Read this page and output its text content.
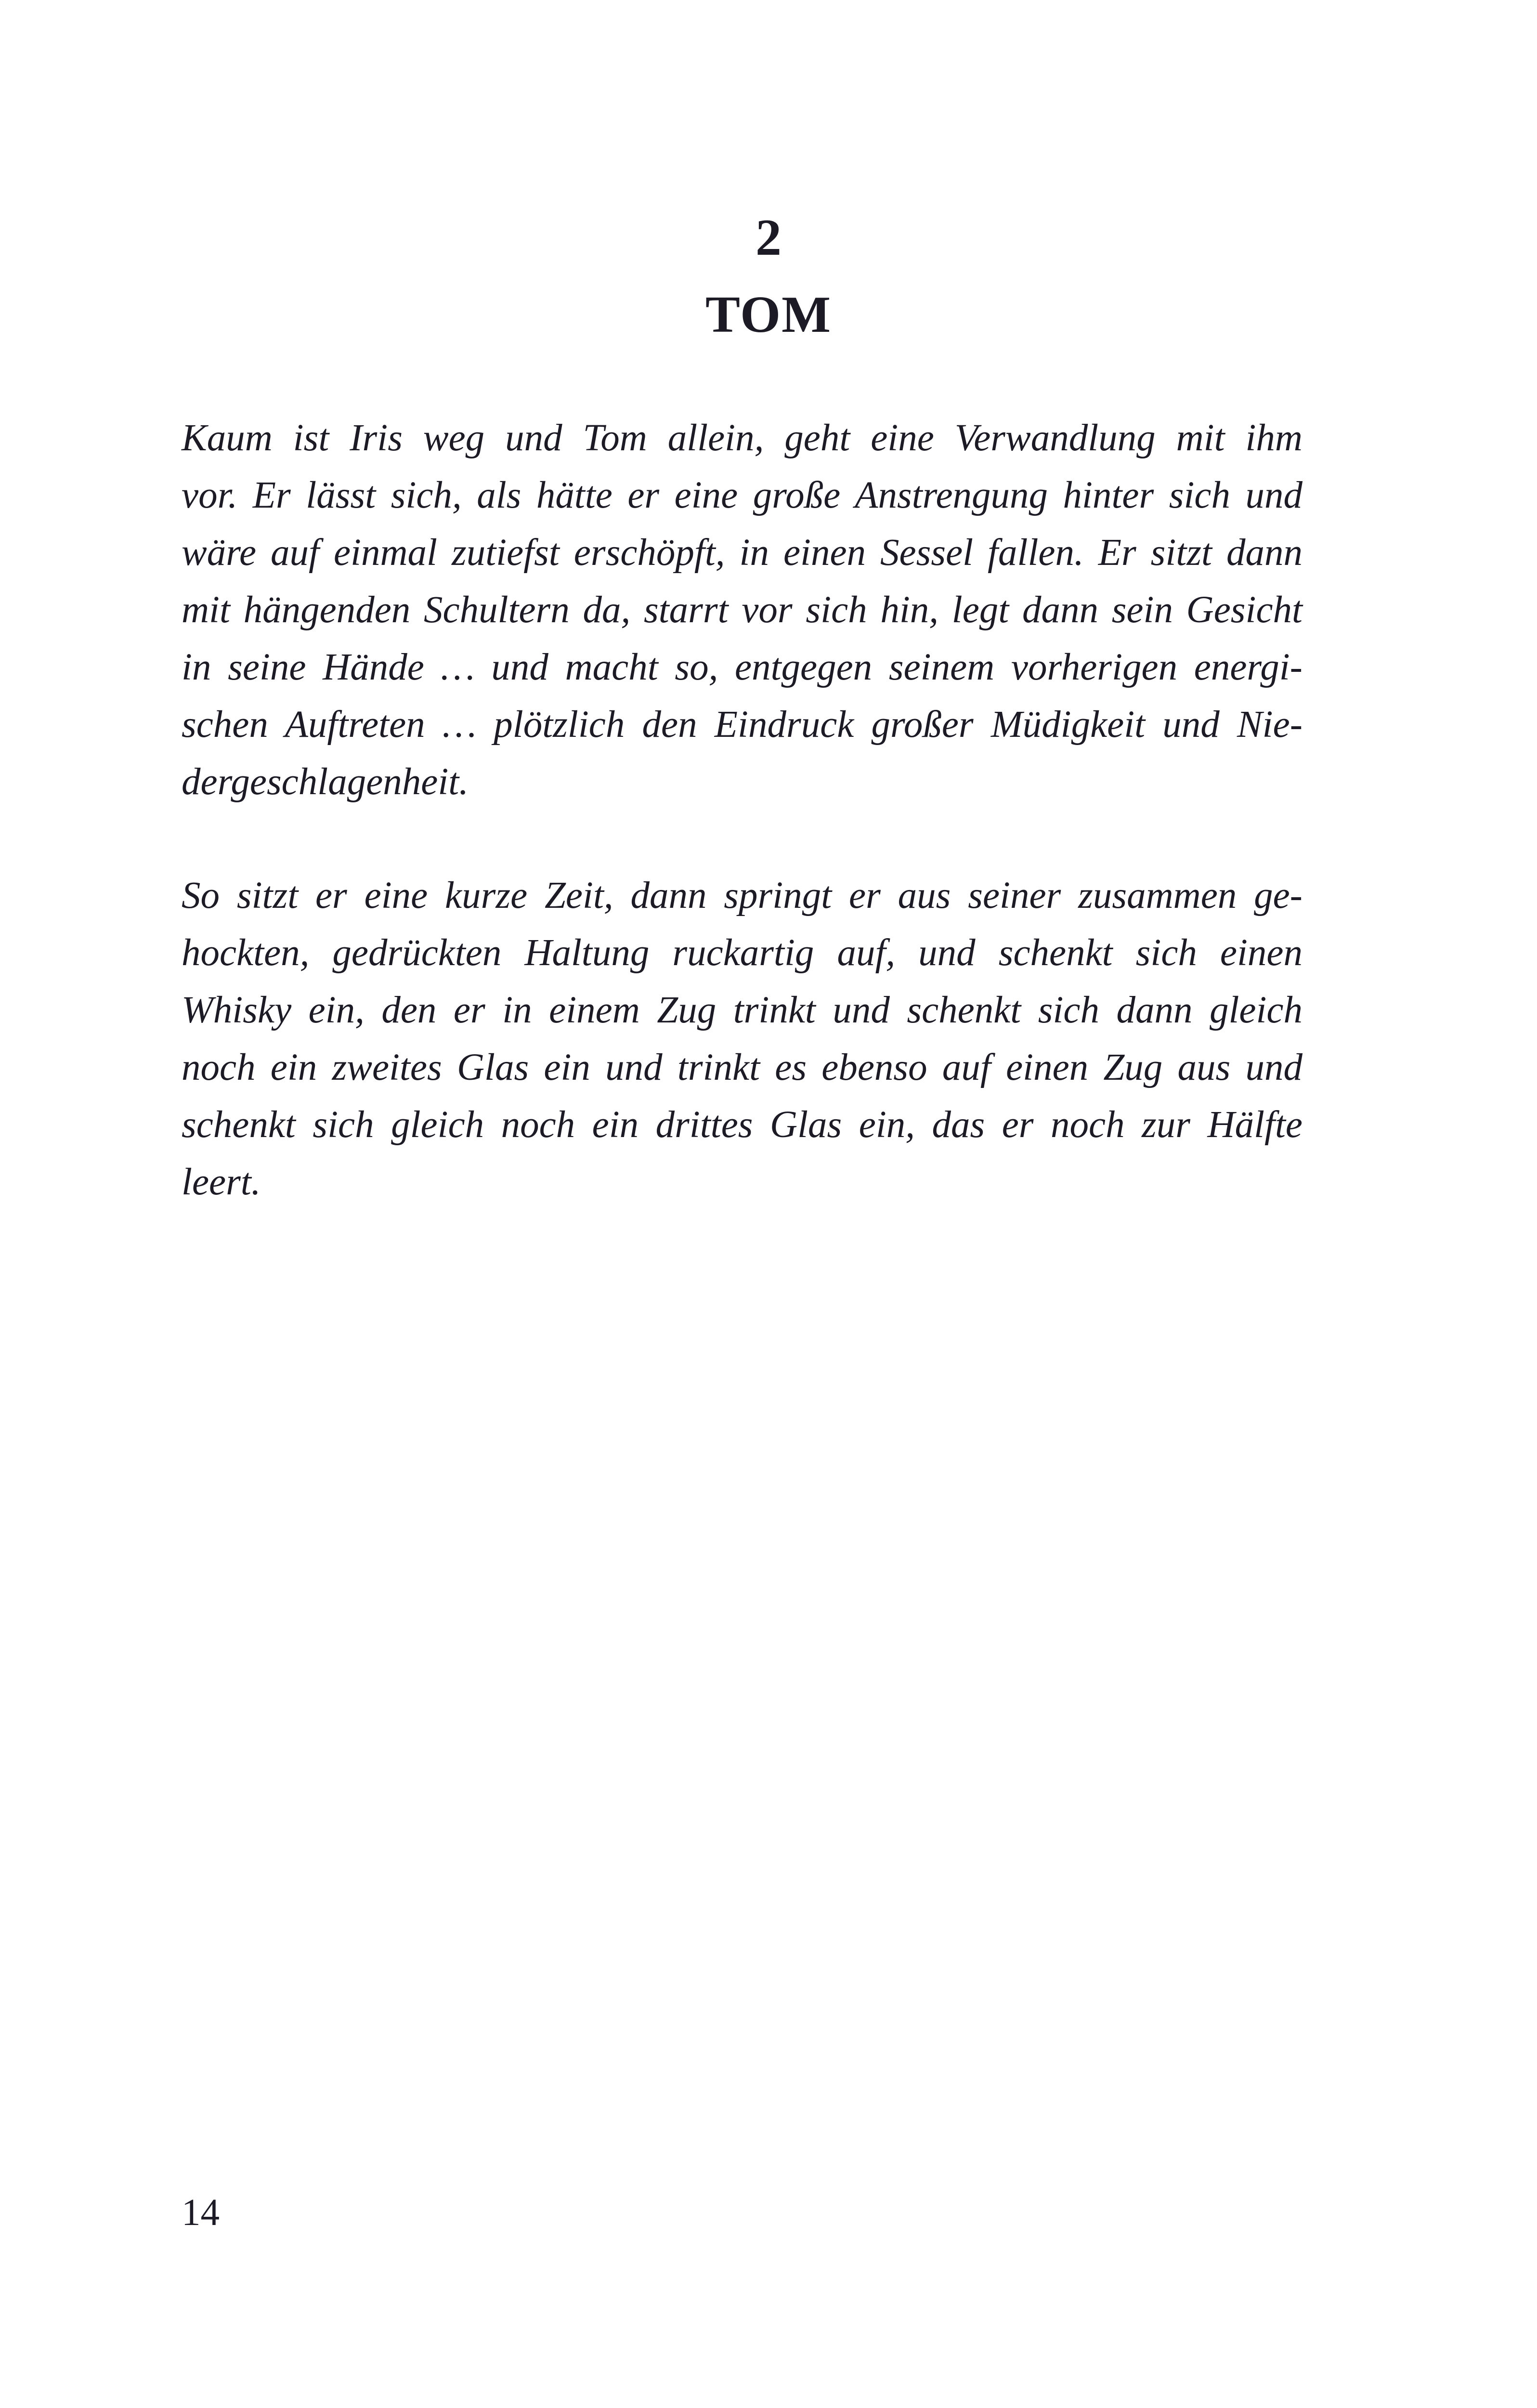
2
TOM
Kaum ist Iris weg und Tom allein, geht eine Verwandlung mit ihm
vor. Er lässt sich, als hätte er eine große Anstrengung hinter sich und
wäre auf einmal zutiefst erschöpft, in einen Sessel fallen. Er sitzt dann
mit hängenden Schultern da, starrt vor sich hin, legt dann sein Gesicht
in seine Hände … und macht so, entgegen seinem vorherigen energi-
schen Auftreten … plötzlich den Eindruck großer Müdigkeit und Nie-
dergeschlagenheit.
So sitzt er eine kurze Zeit, dann springt er aus seiner zusammen ge-
hockten, gedrückten Haltung ruckartig auf, und schenkt sich einen
Whisky ein, den er in einem Zug trinkt und schenkt sich dann gleich
noch ein zweites Glas ein und trinkt es ebenso auf einen Zug aus und
schenkt sich gleich noch ein drittes Glas ein, das er noch zur Hälfte
leert.
14
